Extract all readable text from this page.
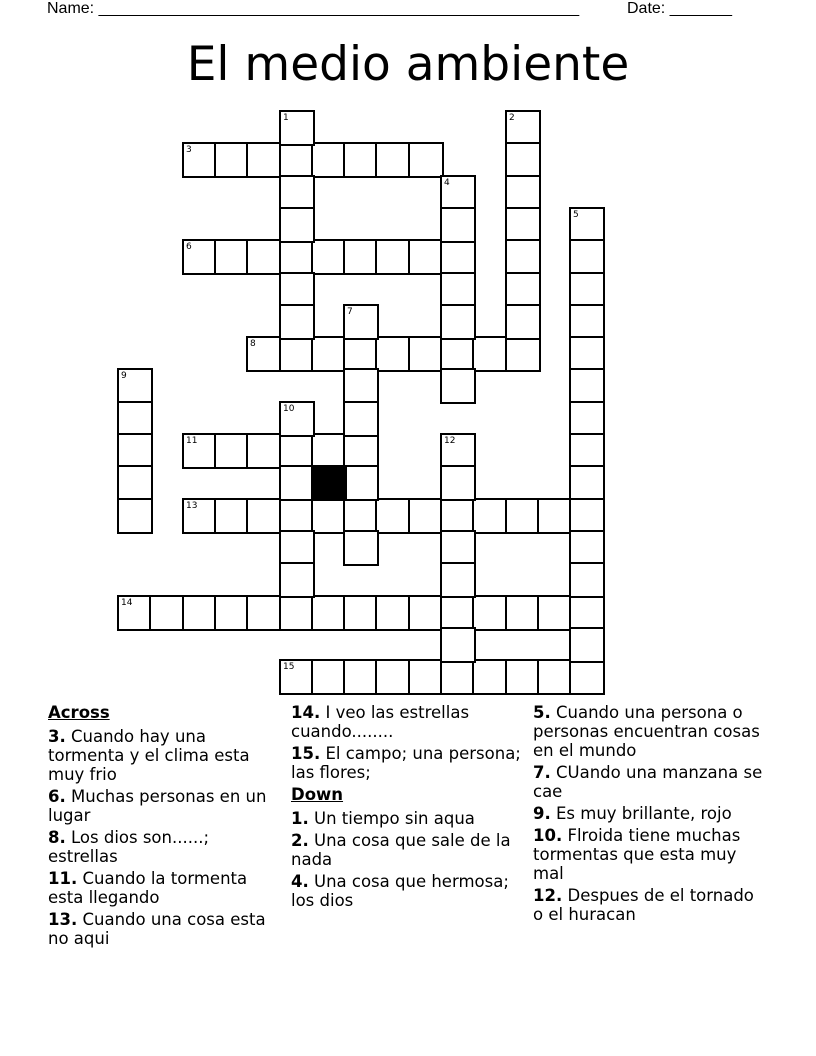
Name: ______________________________________________________	Date: _______
El medio ambiente
3
6
8
11
13
14
15
1	2
4
5
7
9
10
12
Across

3. Cuando hay una tormenta y el clima esta muy frio

6. Muchas personas en un lugar

8. Los dios son......; estrellas

11. Cuando la tormenta esta llegando

13. Cuando una cosa esta no aqui

14. I veo las estrellas cuando........

15. El campo; una persona; las flores;

Down

1. Un tiempo sin aqua

2. Una cosa que sale de la nada

4. Una cosa que hermosa; los dios

5. Cuando una persona o personas encuentran cosas en el mundo

7. CUando una manzana se cae

9. Es muy brillante, rojo

10. Flroida tiene muchas tormentas que esta muy mal

12. Despues de el tornado o el huracan
